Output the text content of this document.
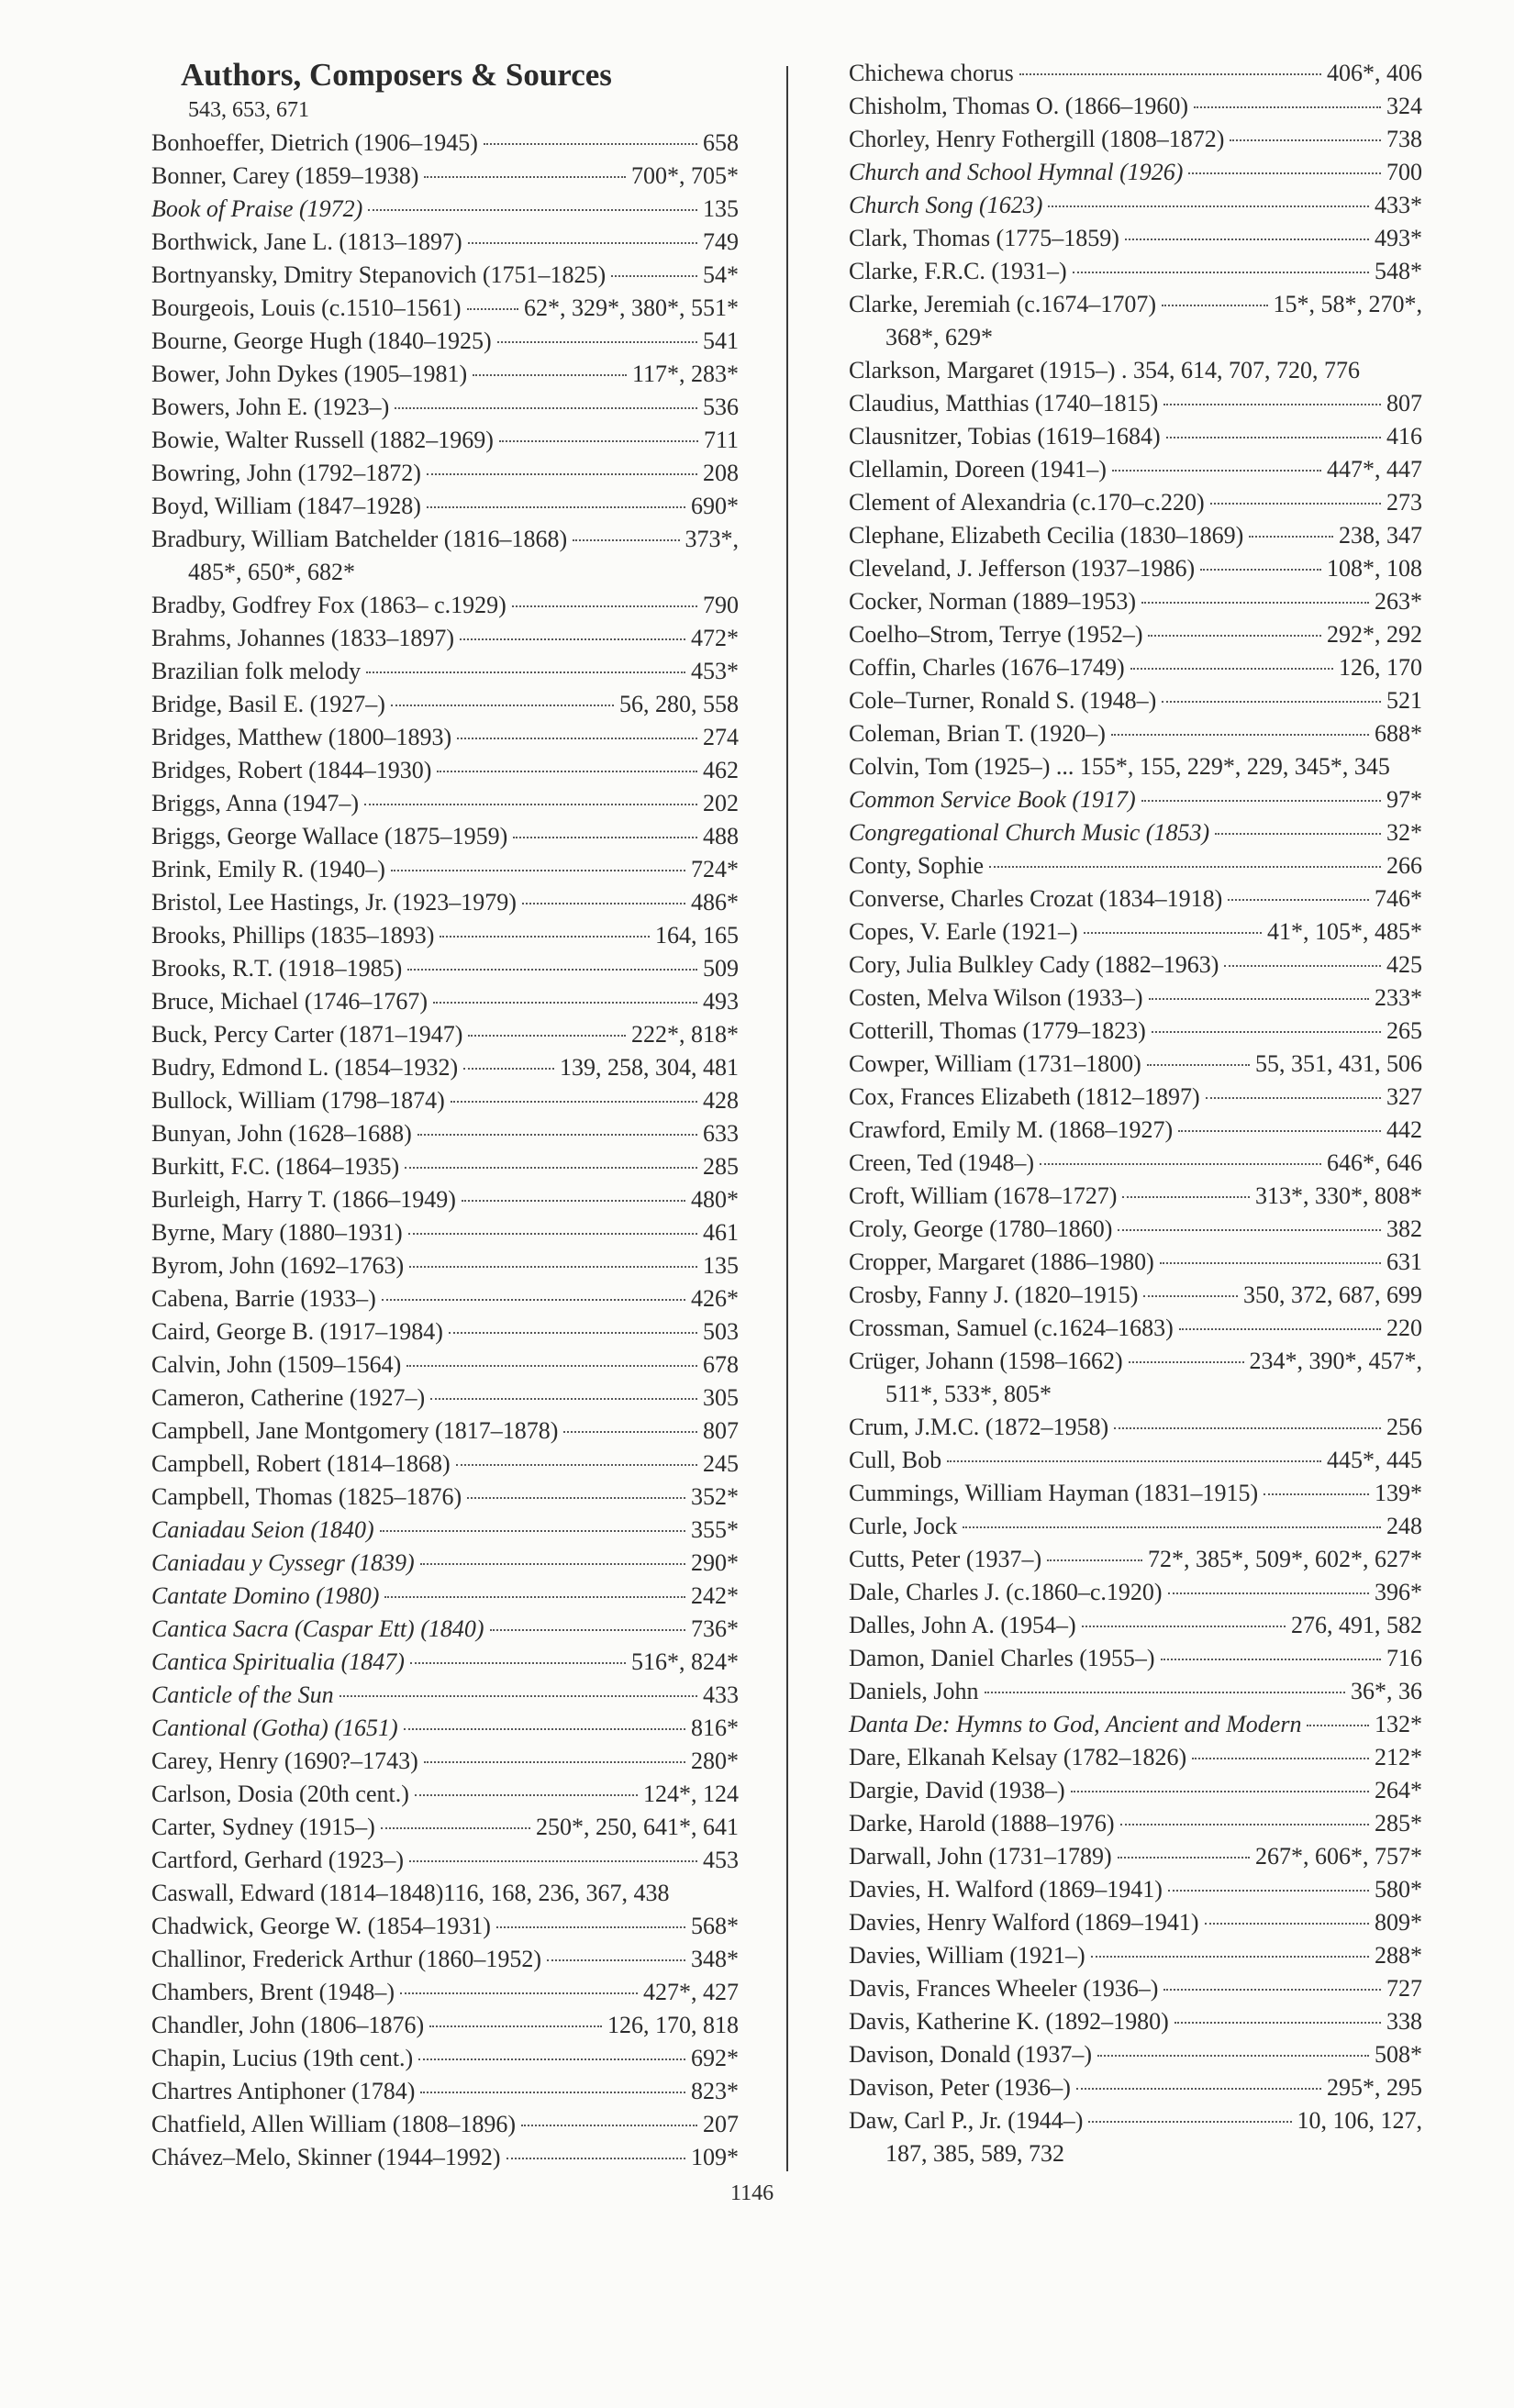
Authors, Composers & Sources
543, 653, 671
Bonhoeffer, Dietrich (1906–1945)	658
Bonner, Carey (1859–1938)	700*, 705*
Book of Praise (1972)	135
Borthwick, Jane L. (1813–1897)	749
Bortnyansky, Dmitry Stepanovich (1751–1825)	54*
Bourgeois, Louis (c.1510–1561)	62*, 329*, 380*, 551*
Bourne, George Hugh (1840–1925)	541
Bower, John Dykes (1905–1981)	117*, 283*
Bowers, John E. (1923–)	536
Bowie, Walter Russell (1882–1969)	711
Bowring, John (1792–1872)	208
Boyd, William (1847–1928)	690*
Bradbury, William Batchelder (1816–1868)	373*,
485*, 650*, 682*
Bradby, Godfrey Fox (1863– c.1929)	790
Brahms, Johannes (1833–1897)	472*
Brazilian folk melody	453*
Bridge, Basil E. (1927–)	56, 280, 558
Bridges, Matthew (1800–1893)	274
Bridges, Robert (1844–1930)	462
Briggs, Anna (1947–)	202
Briggs, George Wallace (1875–1959)	488
Brink, Emily R. (1940–)	724*
Bristol, Lee Hastings, Jr. (1923–1979)	486*
Brooks, Phillips (1835–1893)	164, 165
Brooks, R.T. (1918–1985)	509
Bruce, Michael (1746–1767)	493
Buck, Percy Carter (1871–1947)	222*, 818*
Budry, Edmond L. (1854–1932)	139, 258, 304, 481
Bullock, William (1798–1874)	428
Bunyan, John (1628–1688)	633
Burkitt, F.C. (1864–1935)	285
Burleigh, Harry T. (1866–1949)	480*
Byrne, Mary (1880–1931)	461
Byrom, John (1692–1763)	135
Cabena, Barrie (1933–)	426*
Caird, George B. (1917–1984)	503
Calvin, John (1509–1564)	678
Cameron, Catherine (1927–)	305
Campbell, Jane Montgomery (1817–1878)	807
Campbell, Robert (1814–1868)	245
Campbell, Thomas (1825–1876)	352*
Caniadau Seion (1840)	355*
Caniadau y Cyssegr (1839)	290*
Cantate Domino (1980)	242*
Cantica Sacra (Caspar Ett) (1840)	736*
Cantica Spiritualia (1847)	516*, 824*
Canticle of the Sun	433
Cantional (Gotha) (1651)	816*
Carey, Henry (1690?–1743)	280*
Carlson, Dosia (20th cent.)	124*, 124
Carter, Sydney (1915–)	250*, 250, 641*, 641
Cartford, Gerhard (1923–)	453
Caswall, Edward (1814–1848)116, 168, 236, 367, 438
Chadwick, George W. (1854–1931)	568*
Challinor, Frederick Arthur (1860–1952)	348*
Chambers, Brent (1948–)	427*, 427
Chandler, John (1806–1876)	126, 170, 818
Chapin, Lucius (19th cent.)	692*
Chartres Antiphoner (1784)	823*
Chatfield, Allen William (1808–1896)	207
Chávez–Melo, Skinner (1944–1992)	109*
Chichewa chorus	406*, 406
Chisholm, Thomas O. (1866–1960)	324
Chorley, Henry Fothergill (1808–1872)	738
Church and School Hymnal (1926)	700
Church Song (1623)	433*
Clark, Thomas (1775–1859)	493*
Clarke, F.R.C. (1931–)	548*
Clarke, Jeremiah (c.1674–1707)	15*, 58*, 270*,
368*, 629*
Clarkson, Margaret (1915–) . 354, 614, 707, 720, 776
Claudius, Matthias (1740–1815)	807
Clausnitzer, Tobias (1619–1684)	416
Clellamin, Doreen (1941–)	447*, 447
Clement of Alexandria (c.170–c.220)	273
Clephane, Elizabeth Cecilia (1830–1869)	238, 347
Cleveland, J. Jefferson (1937–1986)	108*, 108
Cocker, Norman (1889–1953)	263*
Coelho–Strom, Terrye (1952–)	292*, 292
Coffin, Charles (1676–1749)	126, 170
Cole–Turner, Ronald S. (1948–)	521
Coleman, Brian T. (1920–)	688*
Colvin, Tom (1925–) ... 155*, 155, 229*, 229, 345*, 345
Common Service Book (1917)	97*
Congregational Church Music (1853)	32*
Conty, Sophie	266
Converse, Charles Crozat (1834–1918)	746*
Copes, V. Earle (1921–)	41*, 105*, 485*
Cory, Julia Bulkley Cady (1882–1963)	425
Costen, Melva Wilson (1933–)	233*
Cotterill, Thomas (1779–1823)	265
Cowper, William (1731–1800)	55, 351, 431, 506
Cox, Frances Elizabeth (1812–1897)	327
Crawford, Emily M. (1868–1927)	442
Creen, Ted (1948–)	646*, 646
Croft, William (1678–1727)	313*, 330*, 808*
Croly, George (1780–1860)	382
Cropper, Margaret (1886–1980)	631
Crosby, Fanny J. (1820–1915)	350, 372, 687, 699
Crossman, Samuel (c.1624–1683)	220
Crüger, Johann (1598–1662)	234*, 390*, 457*,
511*, 533*, 805*
Crum, J.M.C. (1872–1958)	256
Cull, Bob	445*, 445
Cummings, William Hayman (1831–1915)	139*
Curle, Jock	248
Cutts, Peter (1937–)	72*, 385*, 509*, 602*, 627*
Dale, Charles J. (c.1860–c.1920)	396*
Dalles, John A. (1954–)	276, 491, 582
Damon, Daniel Charles (1955–)	716
Daniels, John	36*, 36
Danta De: Hymns to God, Ancient and Modern	132*
Dare, Elkanah Kelsay (1782–1826)	212*
Dargie, David (1938–)	264*
Darke, Harold (1888–1976)	285*
Darwall, John (1731–1789)	267*, 606*, 757*
Davies, H. Walford (1869–1941)	580*
Davies, Henry Walford (1869–1941)	809*
Davies, William (1921–)	288*
Davis, Frances Wheeler (1936–)	727
Davis, Katherine K. (1892–1980)	338
Davison, Donald (1937–)	508*
Davison, Peter (1936–)	295*, 295
Daw, Carl P., Jr. (1944–)	10, 106, 127,
187, 385, 589, 732
1146
